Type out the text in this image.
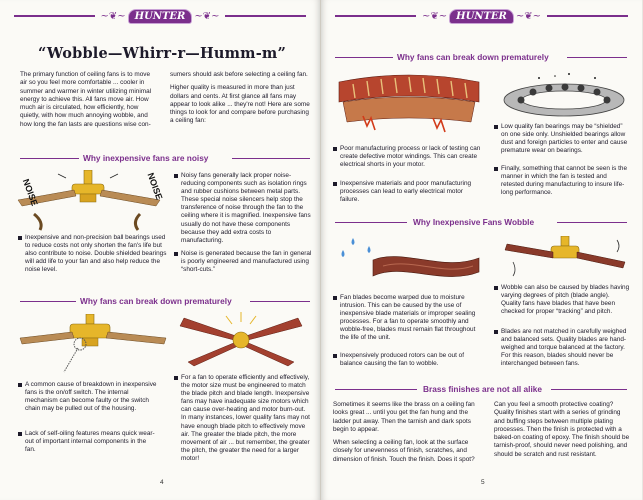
~❦~ HUNTER ~❦~
“Wobble—Whirr-r—Humm-m”

The primary function of ceiling fans is to move air so you feel more comfortable ... cooler in summer and warmer in winter utilizing minimal energy to achieve this. All fans move air. How much air is circulated, how efficiently, how quietly, with how much annoying wobble, and how long the fan lasts are questions wise con-

sumers should ask before selecting a ceiling fan.

Higher quality is measured in more than just dollars and cents. At first glance all fans may appear to look alike ... they're not! Here are some things to look for and compare before purchasing a ceiling fan:

Why inexpensive fans are noisy
NOISE	NOISE
Inexpensive and non-precision ball bearings used to reduce costs not only shorten the fan's life but also contribute to noise. Double shielded bearings will add life to your fan and also help reduce the noise level.
Noisy fans generally lack proper noise-reducing components such as isolation rings and rubber cushions between metal parts. These special noise silencers help stop the transference of noise through the fan to the ceiling where it is magnified. Inexpensive fans usually do not have these components because they add extra costs to manufacturing.
Noise is generated because the fan in general is poorly engineered and manufactured using “short-cuts.”
Why fans can break down prematurely
A common cause of breakdown in inexpensive fans is the on/off switch. The internal mechanism can become faulty or the switch chain may be pulled out of the housing.
Lack of self-oiling features means quick wear-out of important internal components in the fan.
For a fan to operate efficiently and effectively, the motor size must be engineered to match the blade pitch and blade length. Inexpensive fans may have inadequate size motors which can cause over-heating and motor burn-out. In many instances, lower quality fans may not have enough blade pitch to effectively move air. The greater the blade pitch, the more movement of air ... but remember, the greater the pitch, the greater the need for a larger motor!
4
~❦~ HUNTER ~❦~
Why fans can break down prematurely
Poor manufacturing process or lack of testing can create defective motor windings. This can create electrical shorts in your motor.
Inexpensive materials and poor manufacturing processes can lead to early electrical motor failure.
Low quality fan bearings may be “shielded” on one side only. Unshielded bearings allow dust and foreign particles to enter and cause premature wear on bearings.
Finally, something that cannot be seen is the manner in which the fan is tested and retested during manufacturing to insure life-long performance.
Why Inexpensive Fans Wobble
Fan blades become warped due to moisture intrusion. This can be caused by the use of inexpensive blade materials or improper sealing processes. For a fan to operate smoothly and wobble-free, blades must remain flat throughout the life of the unit.
Inexpensively produced rotors can be out of balance causing the fan to wobble.
Wobble can also be caused by blades having varying degrees of pitch (blade angle). Quality fans have blades that have been checked for proper “tracking” and pitch.
Blades are not matched in carefully weighed and balanced sets. Quality blades are hand-weighed and torque balanced at the factory. For this reason, blades should never be interchanged between fans.
Brass finishes are not all alike

Sometimes it seems like the brass on a ceiling fan looks great ... until you get the fan hung and the ladder put away. Then the tarnish and dark spots begin to appear.

When selecting a ceiling fan, look at the surface closely for unevenness of finish, scratches, and dimension of finish. Touch the finish. Does it spot?

Can you feel a smooth protective coating? Quality finishes start with a series of grinding and buffing steps between multiple plating processes. Then the finish is protected with a baked-on coating of epoxy. The finish should be tarnish-proof, should never need polishing, and should be scratch and rust resistant.

5
